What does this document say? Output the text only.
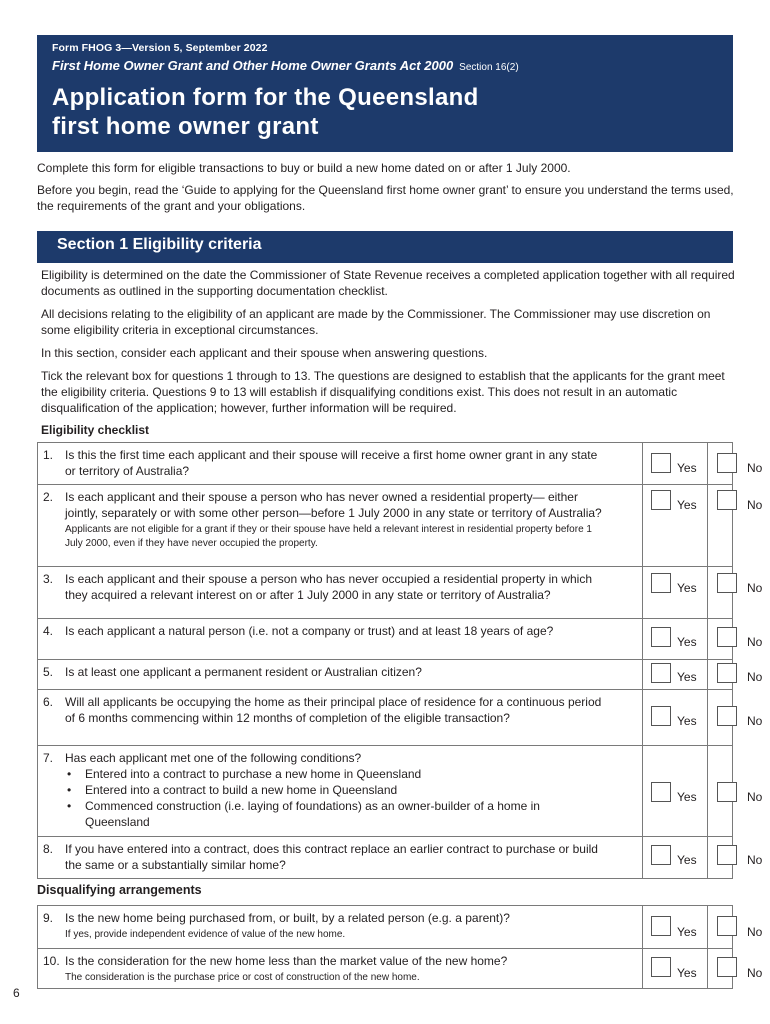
Form FHOG 3—Version 5, September 2022
First Home Owner Grant and Other Home Owner Grants Act 2000 Section 16(2)
Application form for the Queensland
first home owner grant

Complete this form for eligible transactions to buy or build a new home dated on or after 1 July 2000.

Before you begin, read the ‘Guide to applying for the Queensland first home owner grant’ to ensure you understand the terms used, the requirements of the grant and your obligations.

Section 1 Eligibility criteria

Eligibility is determined on the date the Commissioner of State Revenue receives a completed application together with all required documents as outlined in the supporting documentation checklist.

All decisions relating to the eligibility of an applicant are made by the Commissioner. The Commissioner may use discretion on some eligibility criteria in exceptional circumstances.

In this section, consider each applicant and their spouse when answering questions.

Tick the relevant box for questions 1 through to 13. The questions are designed to establish that the applicants for the grant meet the eligibility criteria. Questions 9 to 13 will establish if disqualifying conditions exist. This does not result in an automatic disqualification of the application; however, further information will be required.

Eligibility checklist

1. Is this the first time each applicant and their spouse will receive a first home owner grant in any state or territory of Australia?	Yes	No
2. Is each applicant and their spouse a person who has never owned a residential property— either jointly, separately or with some other person—before 1 July 2000 in any state or territory of Australia?
Applicants are not eligible for a grant if they or their spouse have held a relevant interest in residential property before 1 July 2000, even if they have never occupied the property.
Yes	No
3. Is each applicant and their spouse a person who has never occupied a residential property in which they acquired a relevant interest on or after 1 July 2000 in any state or territory of Australia?	Yes	No
4. Is each applicant a natural person (i.e. not a company or trust) and at least 18 years of age?
Yes	No
5. Is at least one applicant a permanent resident or Australian citizen?	Yes	No
6. Will all applicants be occupying the home as their principal place of residence for a continuous period of 6 months commencing within 12 months of completion of the eligible transaction?	Yes	No
7. Has each applicant met one of the following conditions?
•	Entered into a contract to purchase a new home in Queensland
•	Entered into a contract to build a new home in Queensland
•	Commenced construction (i.e. laying of foundations) as an owner-builder of a home in Queensland
Yes	No
8. If you have entered into a contract, does this contract replace an earlier contract to purchase or build the same or a substantially similar home?	Yes	No
Disqualifying arrangements
9. Is the new home being purchased from, or built, by a related person (e.g. a parent)?
If yes, provide independent evidence of value of the new home.	Yes	No
10. Is the consideration for the new home less than the market value of the new home?
The consideration is the purchase price or cost of construction of the new home.	Yes	No
6
